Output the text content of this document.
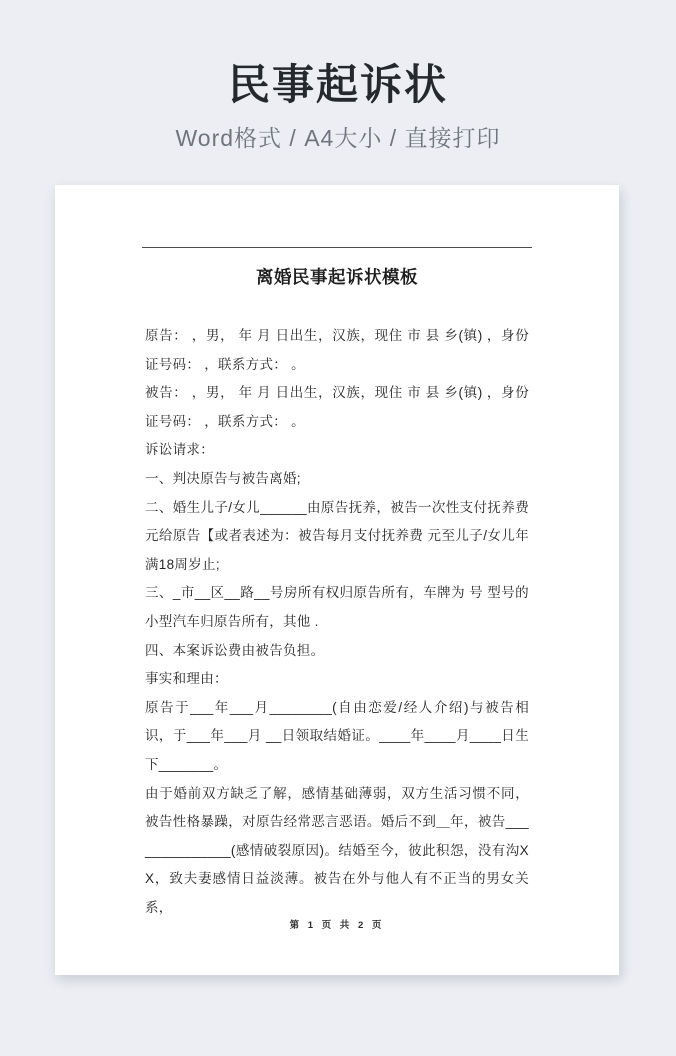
民事起诉状
Word格式 / A4大小 / 直接打印
离婚民事起诉状模板

原告： ，男， 年 月 日出生，汉族，现住 市 县 乡(镇) ，身份证号码： ，联系方式： 。

被告： ，男， 年 月 日出生，汉族，现住 市 县 乡(镇) ，身份证号码： ，联系方式： 。

诉讼请求：

一、判决原告与被告离婚;

二、婚生儿子/女儿______由原告抚养，被告一次性支付抚养费 元给原告【或者表述为：被告每月支付抚养费 元至儿子/女儿年满18周岁止;

三、_市__区__路__号房所有权归原告所有，车牌为 号 型号的小型汽车归原告所有，其他 .

四、本案诉讼费由被告负担。

事实和理由：

原告于___年___月________(自由恋爱/经人介绍)与被告相识，于___年___月 __日领取结婚证。____年____月____日生下_______。

由于婚前双方缺乏了解，感情基础薄弱，双方生活习惯不同，被告性格暴躁，对原告经常恶言恶语。婚后不到＿年，被告______________(感情破裂原因)。结婚至今，彼此积怨，没有沟XX，致夫妻感情日益淡薄。被告在外与他人有不正当的男女关系，

第 1 页 共 2 页
